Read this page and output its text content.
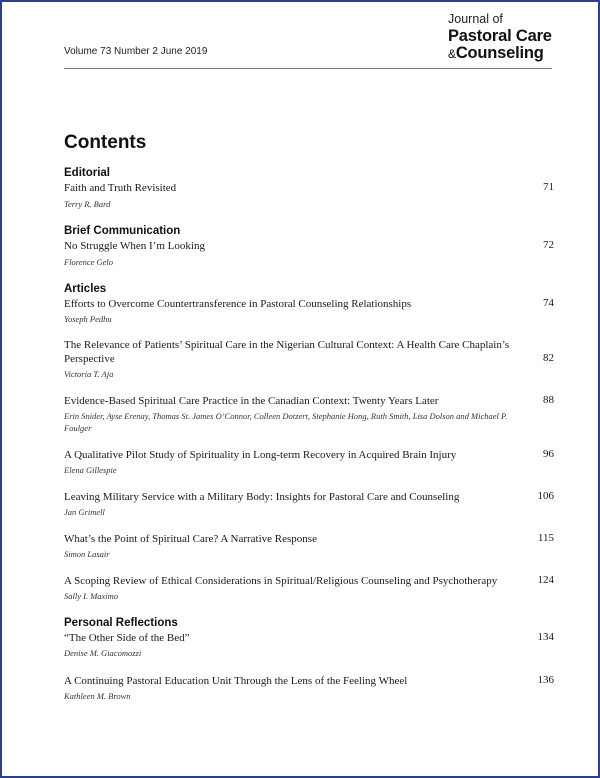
Volume 73 Number 2 June 2019
Journal of
Pastoral Care
&Counseling
Contents
Editorial
Faith and Truth Revisited	71
Terry R. Bard
Brief Communication
No Struggle When I’m Looking	72
Florence Gelo
Articles
Efforts to Overcome Countertransference in Pastoral Counseling Relationships	74
Yoseph Pedhu
The Relevance of Patients’ Spiritual Care in the Nigerian Cultural Context: A Health Care Chaplain’s Perspective	82
Victoria T. Aja
Evidence-Based Spiritual Care Practice in the Canadian Context: Twenty Years Later	88
Erin Snider, Ayse Erenay, Thomas St. James O’Connor, Colleen Dotzert, Stephanie Hong, Ruth Smith, Lisa Dolson and Michael P. Foulger
A Qualitative Pilot Study of Spirituality in Long-term Recovery in Acquired Brain Injury	96
Elena Gillespie
Leaving Military Service with a Military Body: Insights for Pastoral Care and Counseling	106
Jan Grimell
What’s the Point of Spiritual Care? A Narrative Response	115
Simon Lasair
A Scoping Review of Ethical Considerations in Spiritual/Religious Counseling and Psychotherapy	124
Sally I. Maximo
Personal Reflections
“The Other Side of the Bed”	134
Denise M. Giacomozzi
A Continuing Pastoral Education Unit Through the Lens of the Feeling Wheel	136
Kathleen M. Brown
